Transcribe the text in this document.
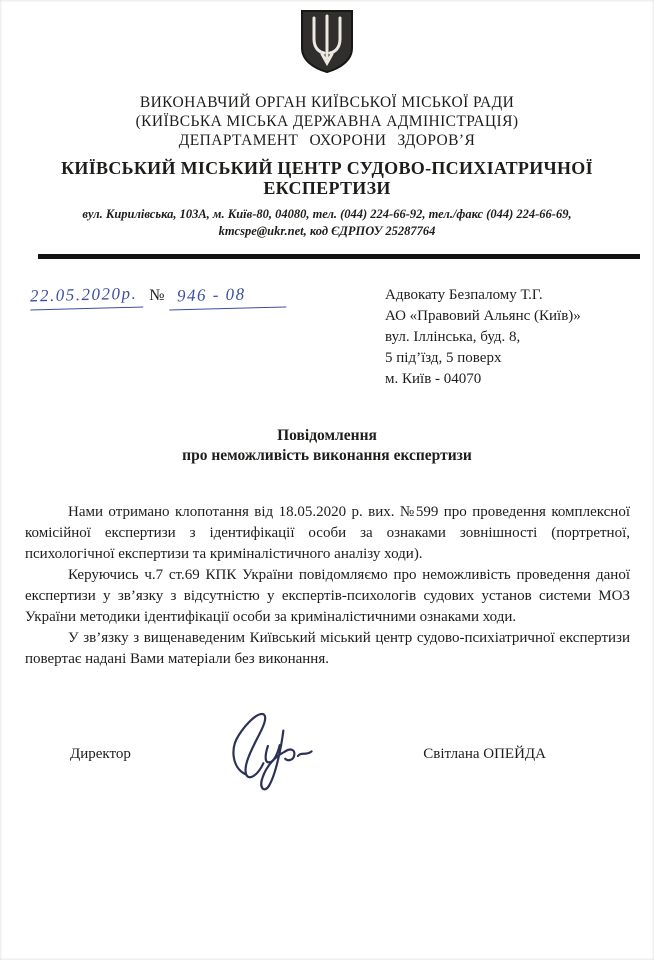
ВИКОНАВЧИЙ ОРГАН КИЇВСЬКОЇ МІСЬКОЇ РАДИ
(КИЇВСЬКА МІСЬКА ДЕРЖАВНА АДМІНІСТРАЦІЯ)
ДЕПАРТАМЕНТ ОХОРОНИ ЗДОРОВ’Я
КИЇВСЬКИЙ МІСЬКИЙ ЦЕНТР СУДОВО-ПСИХІАТРИЧНОЇ
ЕКСПЕРТИЗИ
вул. Кирилівська, 103А, м. Київ-80, 04080, тел. (044) 224-66-92, тел./факс (044) 224-66-69,
kmcspe@ukr.net, код ЄДРПОУ 25287764
22.05.2020р. № 946 - 08	Адвокату Безпалому Т.Г.
АО «Правовий Альянс (Київ)»
вул. Іллінська, буд. 8,
5 під’їзд, 5 поверх
м. Київ - 04070
Повідомлення
про неможливість виконання експертизи

Нами отримано клопотання від 18.05.2020 р. вих. №599 про проведення комплексної комісійної експертизи з ідентифікації особи за ознаками зовнішності (портретної, психологічної експертизи та криміналістичного аналізу ходи).

Керуючись ч.7 ст.69 КПК України повідомляємо про неможливість проведення даної експертизи у зв’язку з відсутністю у експертів-психологів судових установ системи МОЗ України методики ідентифікації особи за криміналістичними ознаками ходи.

У зв’язку з вищенаведеним Київський міський центр судово-психіатричної експертизи повертає надані Вами матеріали без виконання.

Директор	Світлана ОПЕЙДА
